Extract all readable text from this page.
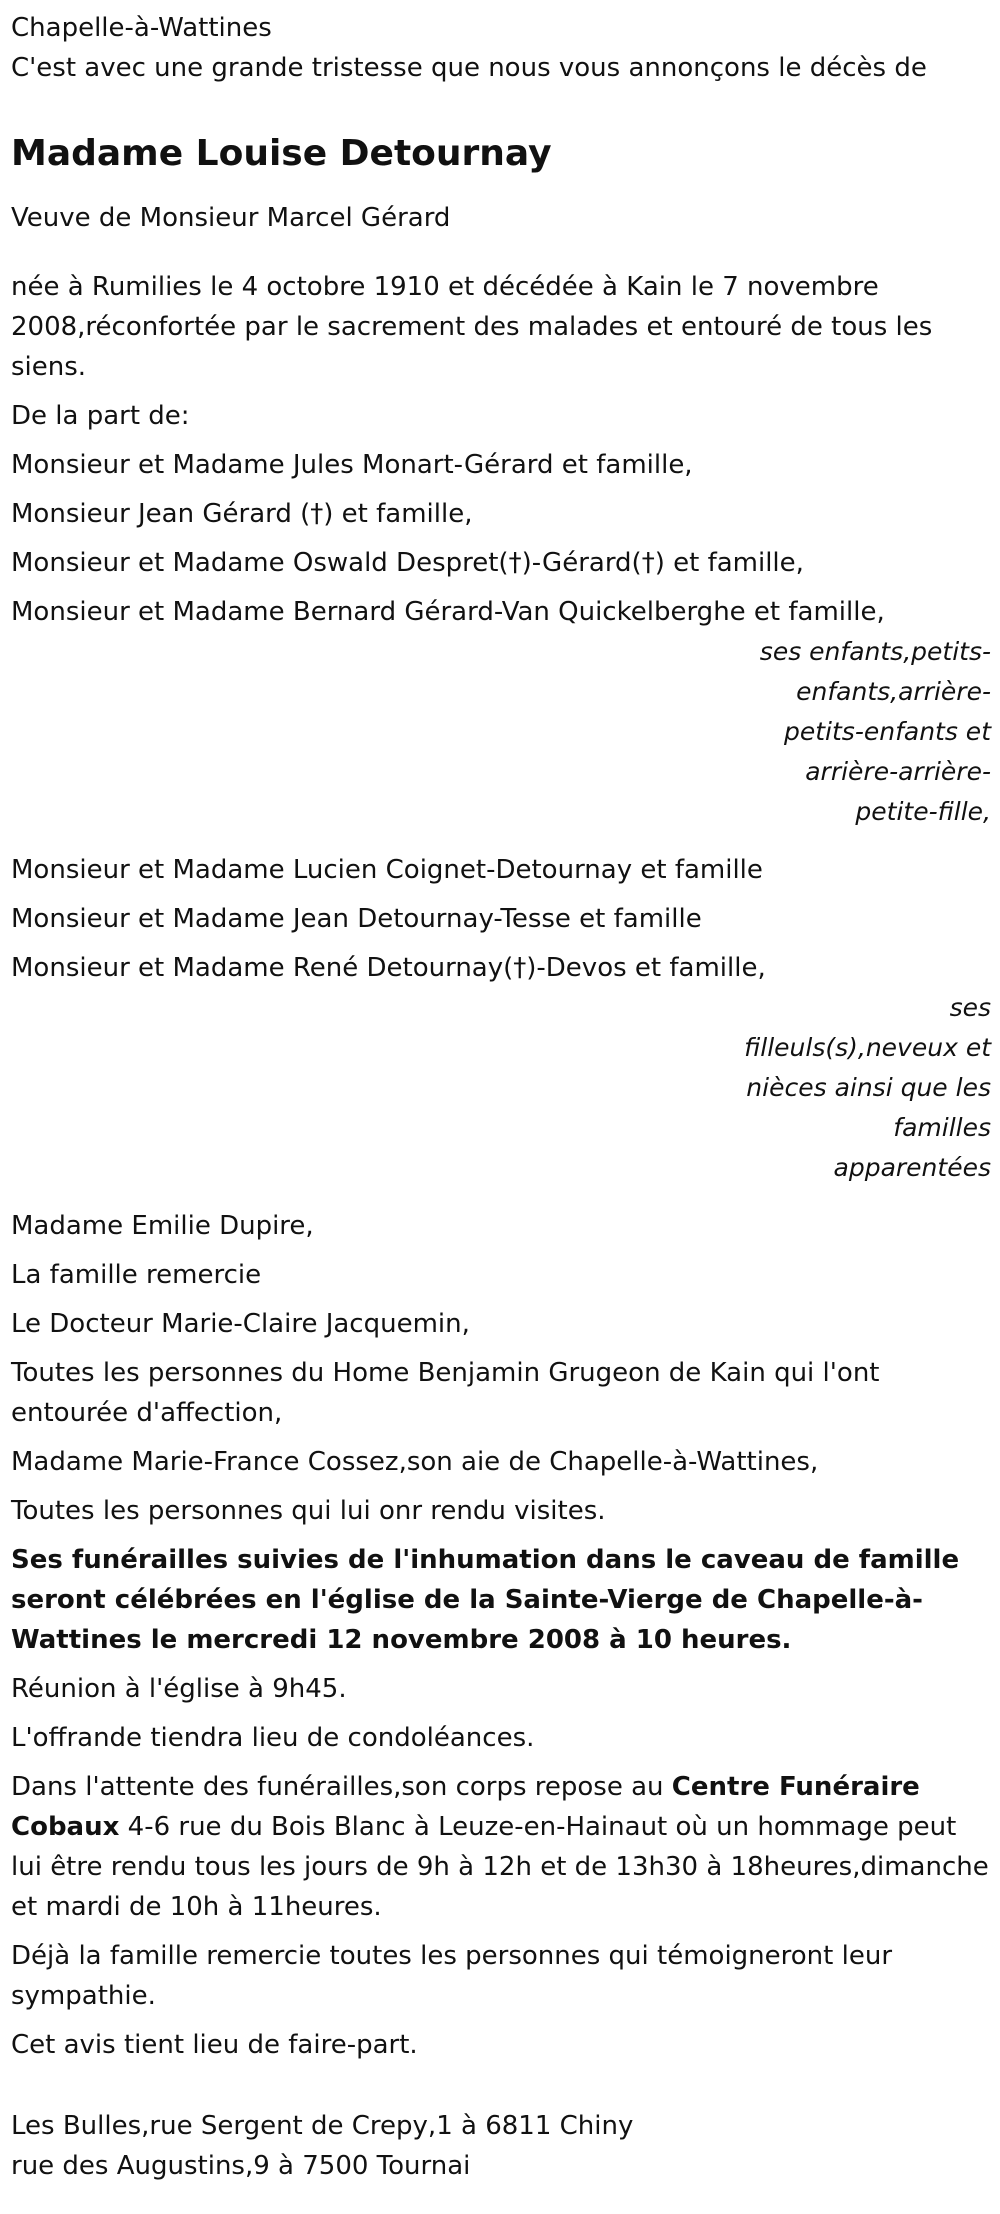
Chapelle-à-Wattines
C'est avec une grande tristesse que nous vous annonçons le décès de
Madame Louise Detournay
Veuve de Monsieur Marcel Gérard
née à Rumilies le 4 octobre 1910 et décédée à Kain le 7 novembre 2008,réconfortée par le sacrement des malades et entouré de tous les siens.
De la part de:
Monsieur et Madame Jules Monart-Gérard et famille,
Monsieur Jean Gérard (†) et famille,
Monsieur et Madame Oswald Despret(†)-Gérard(†) et famille,
Monsieur et Madame Bernard Gérard-Van Quickelberghe et famille,
ses enfants,petits-
enfants,arrière-
petits-enfants et
arrière-arrière-
petite-fille,
Monsieur et Madame Lucien Coignet-Detournay et famille
Monsieur et Madame Jean Detournay-Tesse et famille
Monsieur et Madame René Detournay(†)-Devos et famille,
ses
filleuls(s),neveux et
nièces ainsi que les
familles
apparentées
Madame Emilie Dupire,
La famille remercie
Le Docteur Marie-Claire Jacquemin,
Toutes les personnes du Home Benjamin Grugeon de Kain qui l'ont entourée d'affection,
Madame Marie-France Cossez,son aie de Chapelle-à-Wattines,
Toutes les personnes qui lui onr rendu visites.
Ses funérailles suivies de l'inhumation dans le caveau de famille seront célébrées en l'église de la Sainte-Vierge de Chapelle-à-Wattines le mercredi 12 novembre 2008 à 10 heures.
Réunion à l'église à 9h45.
L'offrande tiendra lieu de condoléances.
Dans l'attente des funérailles,son corps repose au Centre Funéraire Cobaux 4-6 rue du Bois Blanc à Leuze-en-Hainaut où un hommage peut lui être rendu tous les jours de 9h à 12h et de 13h30 à 18heures,dimanche et mardi de 10h à 11heures.
Déjà la famille remercie toutes les personnes qui témoigneront leur sympathie.
Cet avis tient lieu de faire-part.
Les Bulles,rue Sergent de Crepy,1 à 6811 Chiny
rue des Augustins,9 à 7500 Tournai
